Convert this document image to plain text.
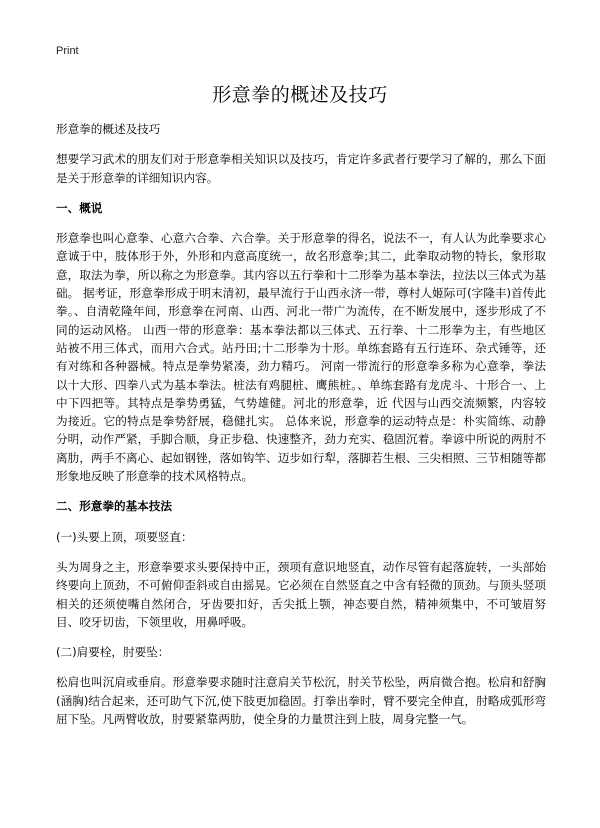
Print
形意拳的概述及技巧

形意拳的概述及技巧

想要学习武术的朋友们对于形意拳相关知识以及技巧，肯定许多武者行要学习了解的，那么下面是关于形意拳的详细知识内容。

一、概说

形意拳也叫心意拳、心意六合拳、六合拳。关于形意拳的得名，说法不一，有人认为此拳要求心意诚于中，肢体形于外，外形和内意高度统一，故名形意拳;其二，此拳取动物的特长，象形取意，取法为拳，所以称之为形意拳。其内容以五行拳和十二形拳为基本拳法，拉法以三体式为基础。 据考证，形意拳形成于明末清初，最早流行于山西永济一带，尊村人姬际可(字隆丰)首传此拳。、自清乾隆年间，形意拳在河南、山西、河北一带广为流传，在不断发展中，逐步形成了不同的运动风格。 山西一带的形意拳：基本拳法都以三体式、五行拳、十二形拳为主，有些地区站被不用三体式，而用六合式。站丹田;十二形拳为十形。单练套路有五行连环、杂式锤等，还有对练和各种器械。特点是拳势紧凑，劲力精巧。 河南一带流行的形意拳多称为心意拳，拳法以十大形、四拳八式为基本拳法。桩法有鸡腿桩、鹰熊桩。、单练套路有龙虎斗、十形合一、上中下四把等。其特点是拳势勇猛，气势雄健。河北的形意拳，近 代因与山西交流频繁，内容较为接近。它的特点是拳势舒展，稳健扎实。 总体来说，形意拳的运动特点是：朴实简练、动静分明，动作严紧，手脚合顺，身正步稳、快速整齐，劲力充实、稳固沉着。拳谚中所说的两肘不离肋，两手不离心、起如钢锉，落如钩竿、迈步如行犁，落脚若生根、三尖相照、三节相随等都形象地反映了形意拳的技术风格特点。

二、形意拳的基本技法

(一)头要上顶，项要竖直：

头为周身之主，形意拳要求头要保持中正，颈项有意识地竖直，动作尽管有起落旋转，一头部始终要向上顶劲，不可俯仰歪斜或自由摇晃。它必须在自然竖直之中含有轻微的顶劲。与顶头竖项相关的还须使嘴自然闭合，牙齿要扣好，舌尖抵上颚，神态要自然，精神须集中，不可皱眉努目、咬牙切齿，下领里收，用鼻呼吸。

(二)肩要栓，肘要坠：

松肩也叫沉肩或垂肩。形意拳要求随时注意肩关节松沉，肘关节松坠，两肩微合抱。松肩和舒胸(涵胸)结合起来，还可助气下沉,使下肢更加稳固。打拳出拳时，臂不要完全伸直，肘略成弧形弯屈下坠。凡两臂收放，肘要紧靠两肋，使全身的力量贯注到上肢，周身完整一气。
